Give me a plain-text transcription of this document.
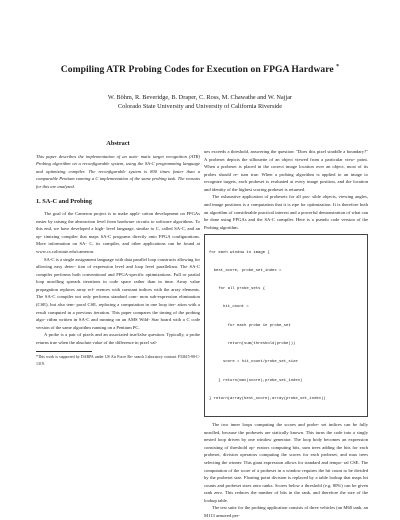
Compiling ATR Probing Codes for Execution on FPGA Hardware *
W. Böhm, R. Beveridge, B. Draper, C. Ross, M. Chawathe and W. Najjar
Colorado State University and University of California Riverside
Abstract

This paper describes the implementation of an auto- matic target recognition (ATR) Probing algorithm on a reconfigurable system, using the SA-C programming language and optimizing compiler. The reconfigurable system is 800 times faster than a comparable Pentium running a C implementation of the same probing task. The reasons for this are analyzed.

1. SA-C and Probing

The goal of the Cameron project is to make appli- cation development on FPGAs easier by raising the abstraction level from hardware circuits to software algorithms. To this end, we have developed a high- level language, similar to C, called SA-C, and an op- timizing compiler that maps SA-C programs directly onto FPGA configurations. More information on SA- C, its compiler, and other applications can be found at www.cs.colostate.edu/cameron.

SA-C is a single assignment language with data parallel loop constructs allowing for allowing easy detec- tion of expression level and loop level parallelism. The SA-C compiler performs both conventional and FPGA-specific optimizations. Full or partial loop unrolling spreads iterations in code space rather than in time. Array value propagation replaces array ref- erences with constant indices with the array elements. The SA-C compiler not only performs standard com- mon sub-expression elimination (CSE), but also tem- poral CSE, replacing a computation in one loop iter- ation with a result computed in a previous iteration. This paper compares the timing of the probing algo- rithm written in SA-C and running on an AMS Wild- Star board with a C code version of the same algorithm running on a Pentium PC.

A probe is a pair of pixels and an associated true/false question. Typically, a probe returns true when the absolute value of the difference in pixel val-

*This work is supported by DARPA under US Air Force Re- search Laboratory contract F33615-98-C-1319.

ues exceeds a threshold, answering the question: "Does this pixel straddle a boundary?" A probeset depicts the silhouette of an object viewed from a particular view- point. When a probeset is placed in the correct image location over an object, most of its probes should re- turn true. When a probing algorithm is applied to an image to recognize targets, each probeset is evaluated at every image position, and the location and identity of the highest scoring probeset is returned.

The exhaustive application of probesets for all pos- sible objects, viewing angles, and image positions is a computation that it is ripe for optimization. It is therefore both an algorithm of considerable practical interest and a powerful demonstration of what can be done using FPGAs and the SA-C compiler. Here is a pseudo code version of the Probing algorithm.

for each window in image {

best_score, probe_set_index =

for all probe_sets {

hit_count =

for each probe in probe_set

return(sum(threshold(probe)))

score = hit_count/probe_set_size

} return(max(score),probe_set_index)

} return(array(best_score),array(probe_set_index))

The two inner loops computing the scores and probe- set indices can be fully unrolled, because the probesets are statically known. This turns the code into a singly nested loop driven by one window generator. The loop body becomes an expression consisting of threshold op- erators computing bits, sum trees adding the bits for each probeset, division operators computing the scores for each probeset, and max trees selecting the winner. This giant expression allows for standard and tempo- ral CSE. The computation of the score of a probeset in a window requires the hit count to be divided by the probeset size. Floating point division is replaced by a table lookup that maps hit counts and probeset sizes onto ranks. Scores below a threshold (e.g. 80%) can be given rank zero. This reduces the number of bits in the rank, and therefore the size of the lookup table.

The test suite for the probing application consists of three vehicles (an M60 tank, an M113 armored per-
